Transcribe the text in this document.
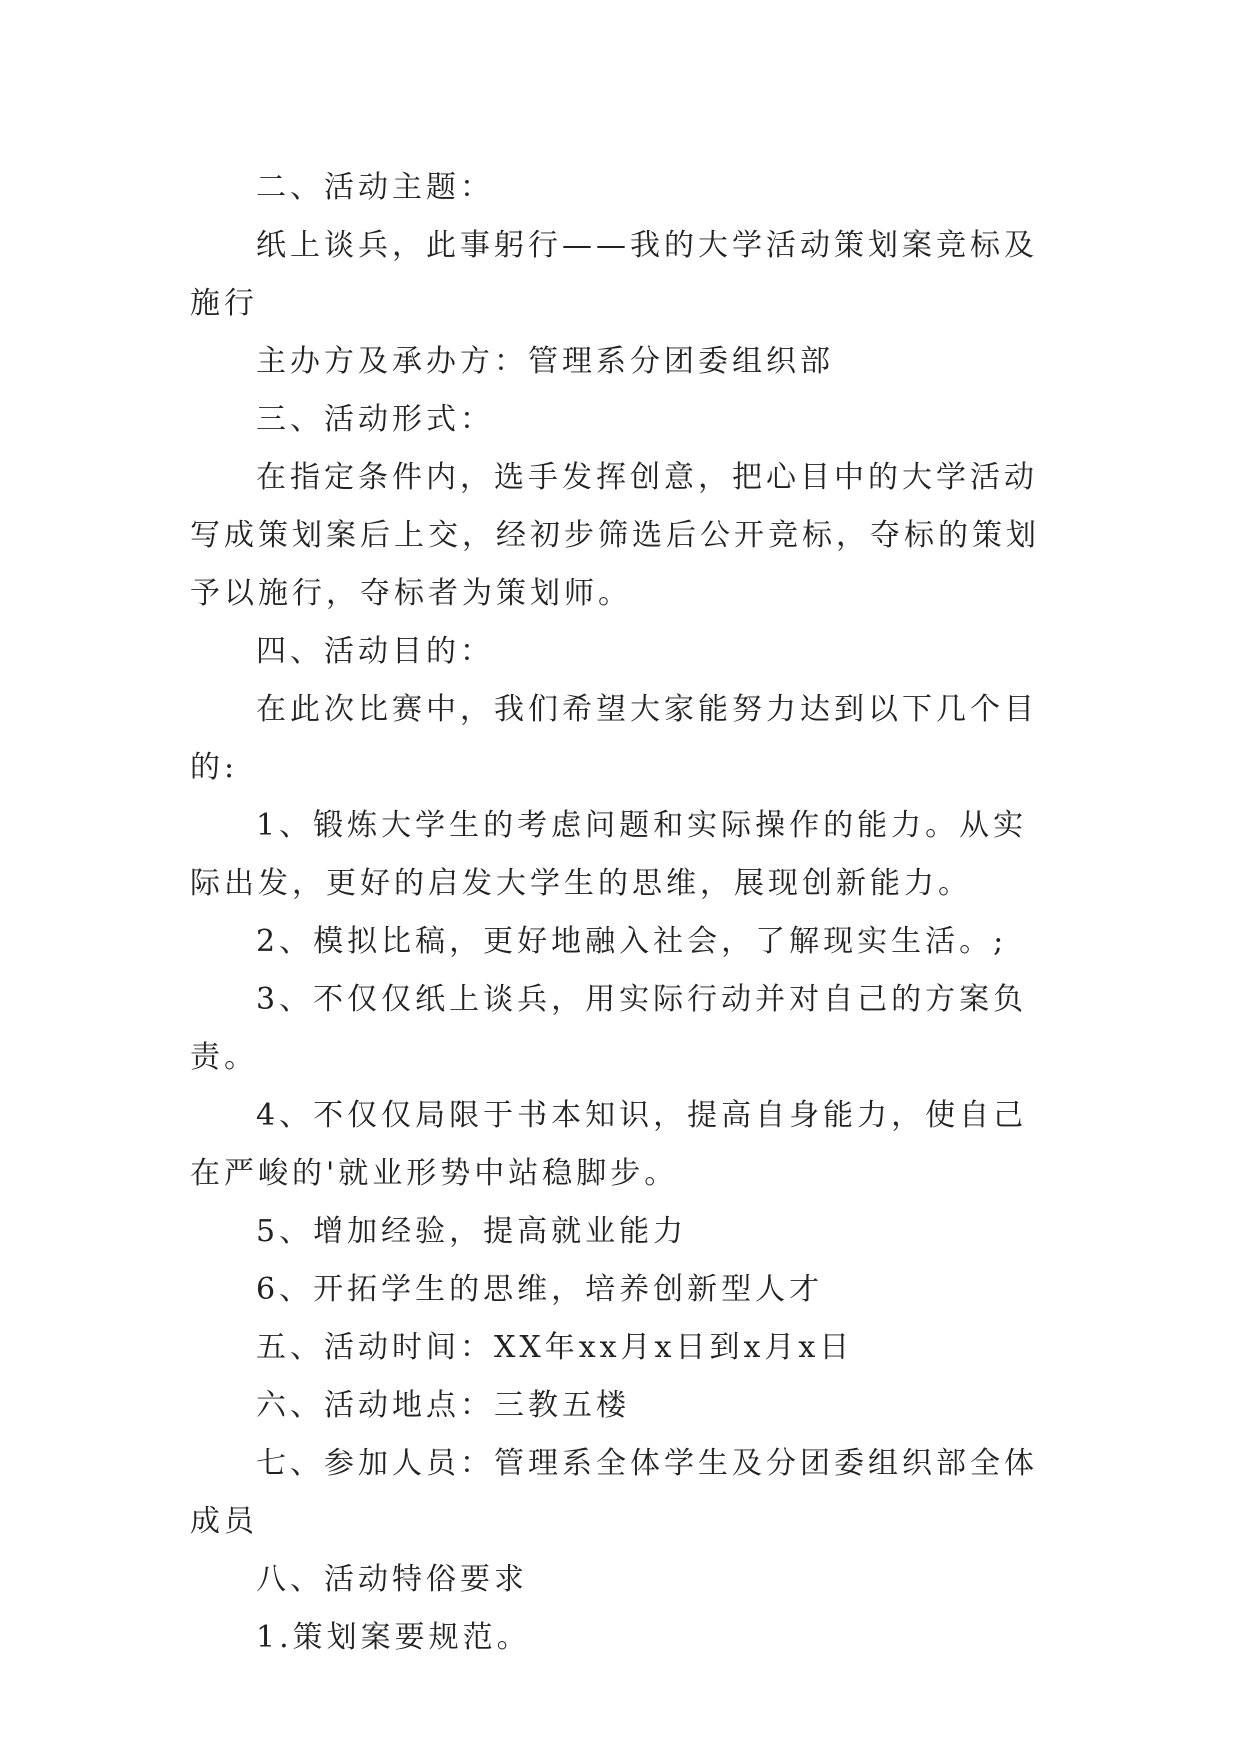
二、活动主题：

纸上谈兵，此事躬行——我的大学活动策划案竞标及施行

主办方及承办方：管理系分团委组织部

三、活动形式：

在指定条件内，选手发挥创意，把心目中的大学活动写成策划案后上交，经初步筛选后公开竞标，夺标的策划予以施行，夺标者为策划师。

四、活动目的：

在此次比赛中，我们希望大家能努力达到以下几个目的:

1、锻炼大学生的考虑问题和实际操作的能力。从实际出发，更好的启发大学生的思维，展现创新能力。

2、模拟比稿，更好地融入社会，了解现实生活。;

3、不仅仅纸上谈兵，用实际行动并对自己的方案负责。

4、不仅仅局限于书本知识，提高自身能力，使自己在严峻的'就业形势中站稳脚步。

5、增加经验，提高就业能力

6、开拓学生的思维，培养创新型人才

五、活动时间：XX年xx月x日到x月x日

六、活动地点：三教五楼

七、参加人员：管理系全体学生及分团委组织部全体成员

八、活动特俗要求

1.策划案要规范。
